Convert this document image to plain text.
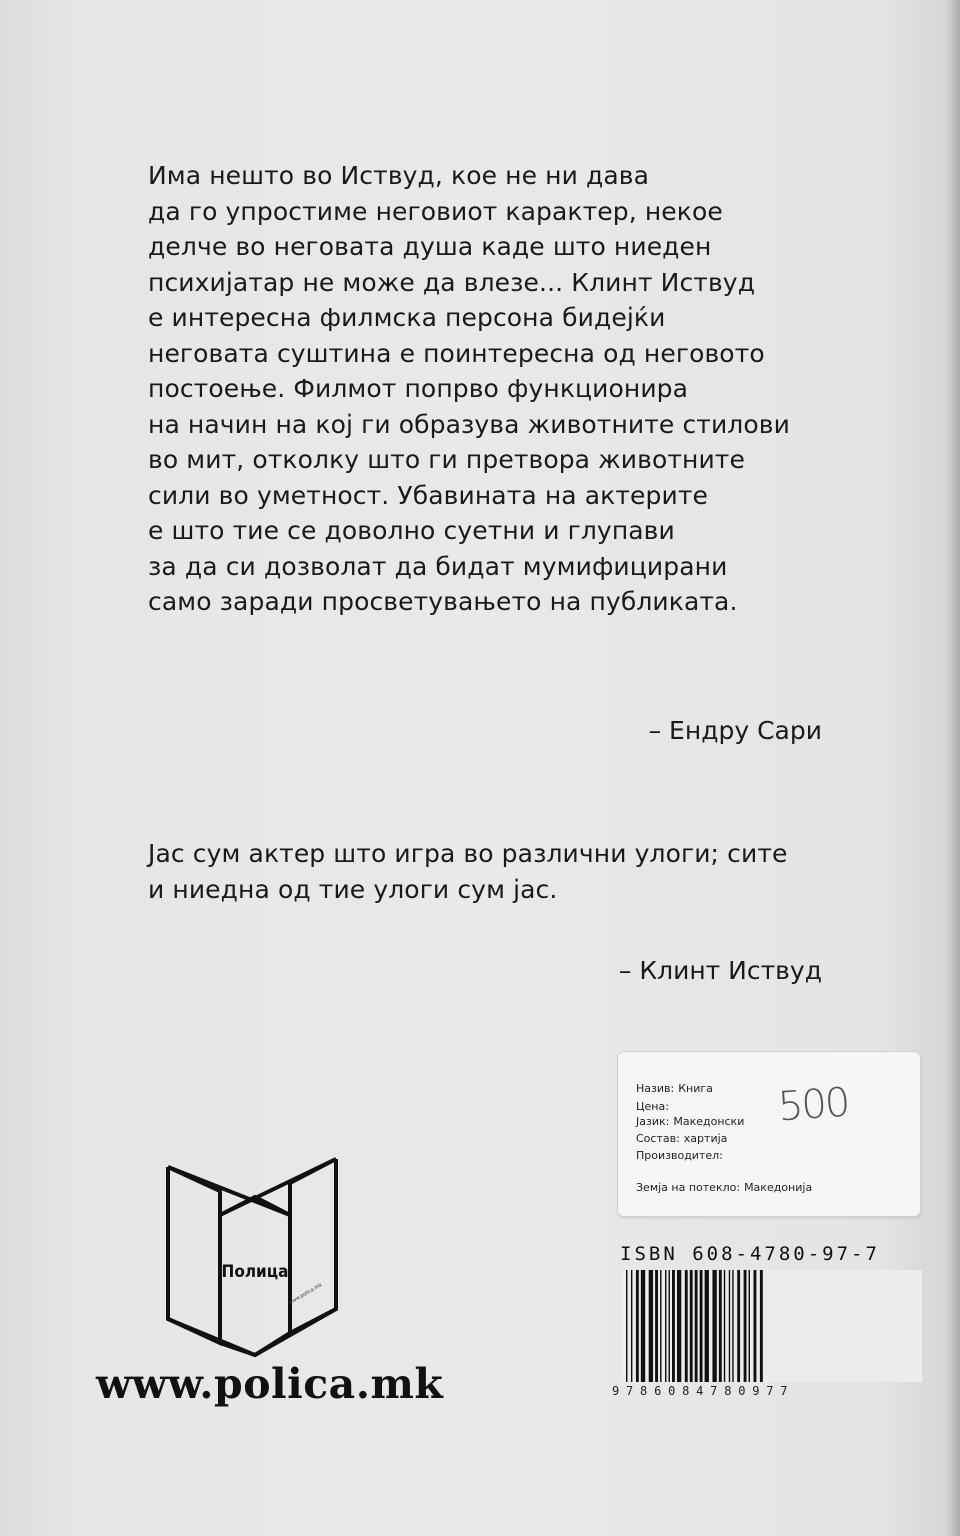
Има нешто во Иствуд, кое не ни дава
да го упростиме неговиот карактер, некое
делче во неговата душа каде што ниеден
психијатар не може да влезе... Клинт Иствуд
е интересна филмска персона бидејќи
неговата суштина е поинтересна од неговото
постоење. Филмот попрво функционира
на начин на кој ги образува животните стилови
во мит, отколку што ги претвора животните
сили во уметност. Убавината на актерите
е што тие се доволно суетни и глупави
за да си дозволат да бидат мумифицирани
само заради просветувањето на публиката.
– Ендру Сари
Јас сум актер што игра во различни улоги; сите
и ниедна од тие улоги сум јас.
– Клинт Иствуд
Назив: Книга
Цена:
Јазик: Македонски
Состав: хартија
Производител:
Земја на потекло: Македонија
500
ISBN 608-4780-97-7
9786084780977
Полица
www.polica.mk
www.polica.mk
